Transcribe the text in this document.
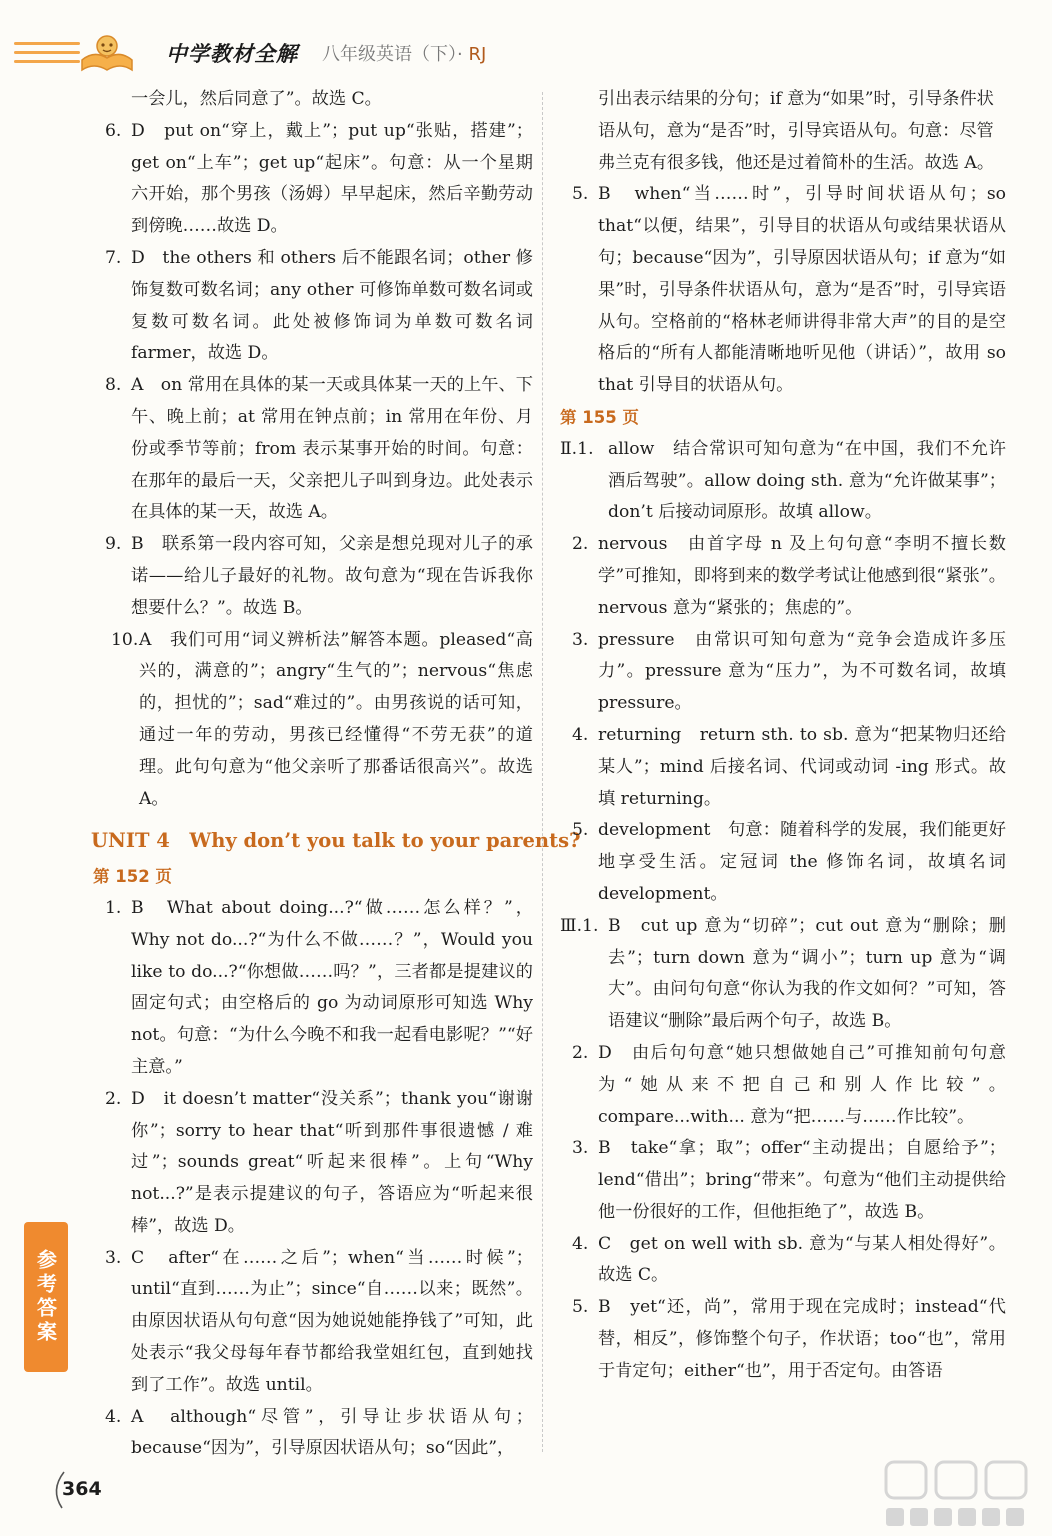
中学教材全解 八年级英语（下）· RJ

一会儿，然后同意了”。故选 C。

6. D　put on“穿上，戴上”；put up“张贴，搭建”；get on“上车”；get up“起床”。句意：从一个星期六开始，那个男孩（汤姆）早早起床，然后辛勤劳动到傍晚……故选 D。
7. D　the others 和 others 后不能跟名词；other 修饰复数可数名词；any other 可修饰单数可数名词或复数可数名词。此处被修饰词为单数可数名词 farmer，故选 D。
8. A　on 常用在具体的某一天或具体某一天的上午、下午、晚上前；at 常用在钟点前；in 常用在年份、月份或季节等前；from 表示某事开始的时间。句意：在那年的最后一天，父亲把儿子叫到身边。此处表示在具体的某一天，故选 A。
9. B　联系第一段内容可知，父亲是想兑现对儿子的承诺——给儿子最好的礼物。故句意为“现在告诉我你想要什么？”。故选 B。
10. A　我们可用“词义辨析法”解答本题。pleased“高兴的，满意的”；angry“生气的”；nervous“焦虑的，担忧的”；sad“难过的”。由男孩说的话可知，通过一年的劳动，男孩已经懂得“不劳无获”的道理。此句句意为“他父亲听了那番话很高兴”。故选 A。
UNIT 4　Why don’t you talk to your parents?

第 152 页

1. B　What about doing...?“做……怎么样？”，Why not do...?“为什么不做……？”，Would you like to do...?“你想做……吗？”，三者都是提建议的固定句式；由空格后的 go 为动词原形可知选 Why not。句意：“为什么今晚不和我一起看电影呢？”“好主意。”
2. D　it doesn’t matter“没关系”；thank you“谢谢你”；sorry to hear that“听到那件事很遗憾 / 难过”；sounds great“听起来很棒”。上句“Why not...?”是表示提建议的句子，答语应为“听起来很棒”，故选 D。
3. C　after“在……之后”；when“当……时候”；until“直到……为止”；since“自……以来；既然”。由原因状语从句句意“因为她说她能挣钱了”可知，此处表示“我父母每年春节都给我堂姐红包，直到她找到了工作”。故选 until。
4. A　although“尽管”，引导让步状语从句；because“因为”，引导原因状语从句；so“因此”，

引出表示结果的分句；if 意为“如果”时，引导条件状语从句，意为“是否”时，引导宾语从句。句意：尽管弗兰克有很多钱，他还是过着简朴的生活。故选 A。

5. B　when“当……时”，引导时间状语从句；so that“以便，结果”，引导目的状语从句或结果状语从句；because“因为”，引导原因状语从句；if 意为“如果”时，引导条件状语从句，意为“是否”时，引导宾语从句。空格前的“格林老师讲得非常大声”的目的是空格后的“所有人都能清晰地听见他（讲话）”，故用 so that 引导目的状语从句。

第 155 页

Ⅱ.1. allow　结合常识可知句意为“在中国，我们不允许酒后驾驶”。allow doing sth. 意为“允许做某事”；don’t 后接动词原形。故填 allow。
2. nervous　由首字母 n 及上句句意“李明不擅长数学”可推知，即将到来的数学考试让他感到很“紧张”。nervous 意为“紧张的；焦虑的”。
3. pressure　由常识可知句意为“竞争会造成许多压力”。pressure 意为“压力”，为不可数名词，故填 pressure。
4. returning　return sth. to sb. 意为“把某物归还给某人”；mind 后接名词、代词或动词 -ing 形式。故填 returning。
5. development　句意：随着科学的发展，我们能更好地享受生活。定冠词 the 修饰名词，故填名词 development。
Ⅲ.1. B　cut up 意为“切碎”；cut out 意为“删除；删去”；turn down 意为“调小”；turn up 意为“调大”。由问句句意“你认为我的作文如何？”可知，答语建议“删除”最后两个句子，故选 B。
2. D　由后句句意“她只想做她自己”可推知前句句意为“她从来不把自己和别人作比较”。compare...with... 意为“把……与……作比较”。
3. B　take“拿；取”；offer“主动提出；自愿给予”；lend“借出”；bring“带来”。句意为“他们主动提供给他一份很好的工作，但他拒绝了”，故选 B。
4. C　get on well with sb. 意为“与某人相处得好”。故选 C。
5. B　yet“还，尚”，常用于现在完成时；instead“代替，相反”，修饰整个句子，作状语；too“也”，常用于肯定句；either“也”，用于否定句。由答语
参考答案
364
